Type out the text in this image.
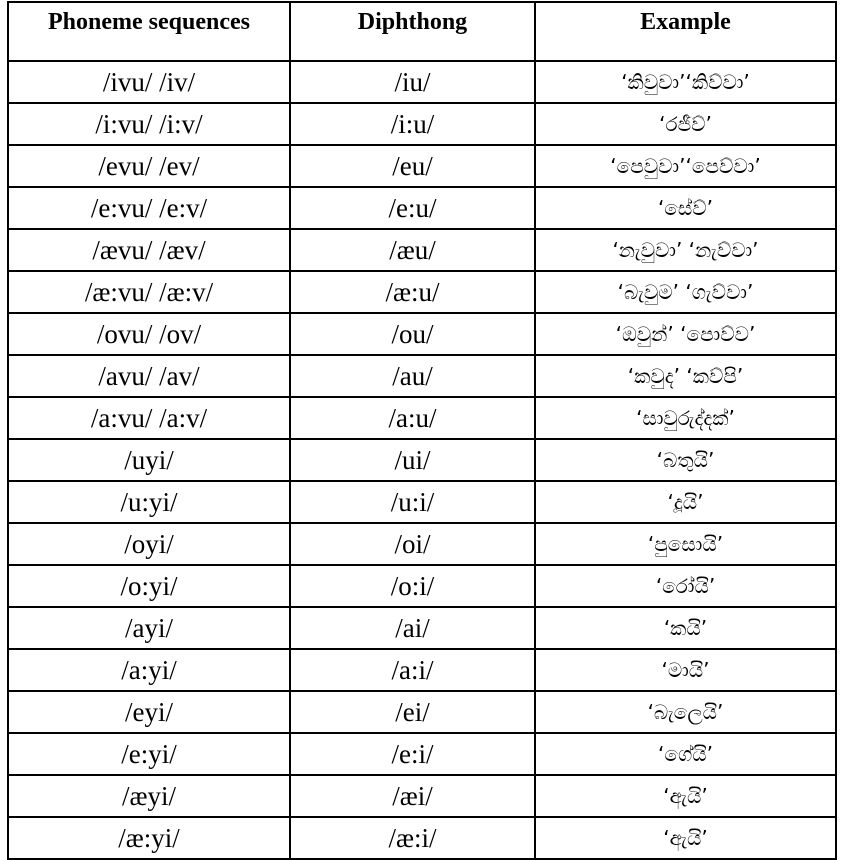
Phoneme sequences	Diphthong	Example
/ivu/ /iv/	/iu/	‘කිවුවා’‘කිව්වා’
/i:vu/ /i:v/	/i:u/	‘රජීව්’
/evu/ /ev/	/eu/	‘පෙවුවා’‘පෙව්වා’
/e:vu/ /e:v/	/e:u/	‘සේව්’
/ævu/ /æv/	/æu/	‘නැවුවා’ ‘නැව්වා’
/æ:vu/ /æ:v/	/æ:u/	‘බැවුම’ ‘ගැව්වා’
/ovu/ /ov/	/ou/	‘ඔවුන්’ ‘පොව්ව’
/avu/ /av/	/au/	‘කවුද’ ‘කව්පි’
/a:vu/ /a:v/	/a:u/	‘සාවුරුද්දක්’
/uyi/	/ui/	‘බතුයි’
/u:yi/	/u:i/	‘දූයි’
/oyi/	/oi/	‘පුසොයි’
/o:yi/	/o:i/	‘රෝයි’
/ayi/	/ai/	‘කයි’
/a:yi/	/a:i/	‘මායි’
/eyi/	/ei/	‘බැලෙයි’
/e:yi/	/e:i/	‘ගේයි’
/æyi/	/æi/	‘ඇයි’
/æ:yi/	/æ:i/	‘ඇයි’
